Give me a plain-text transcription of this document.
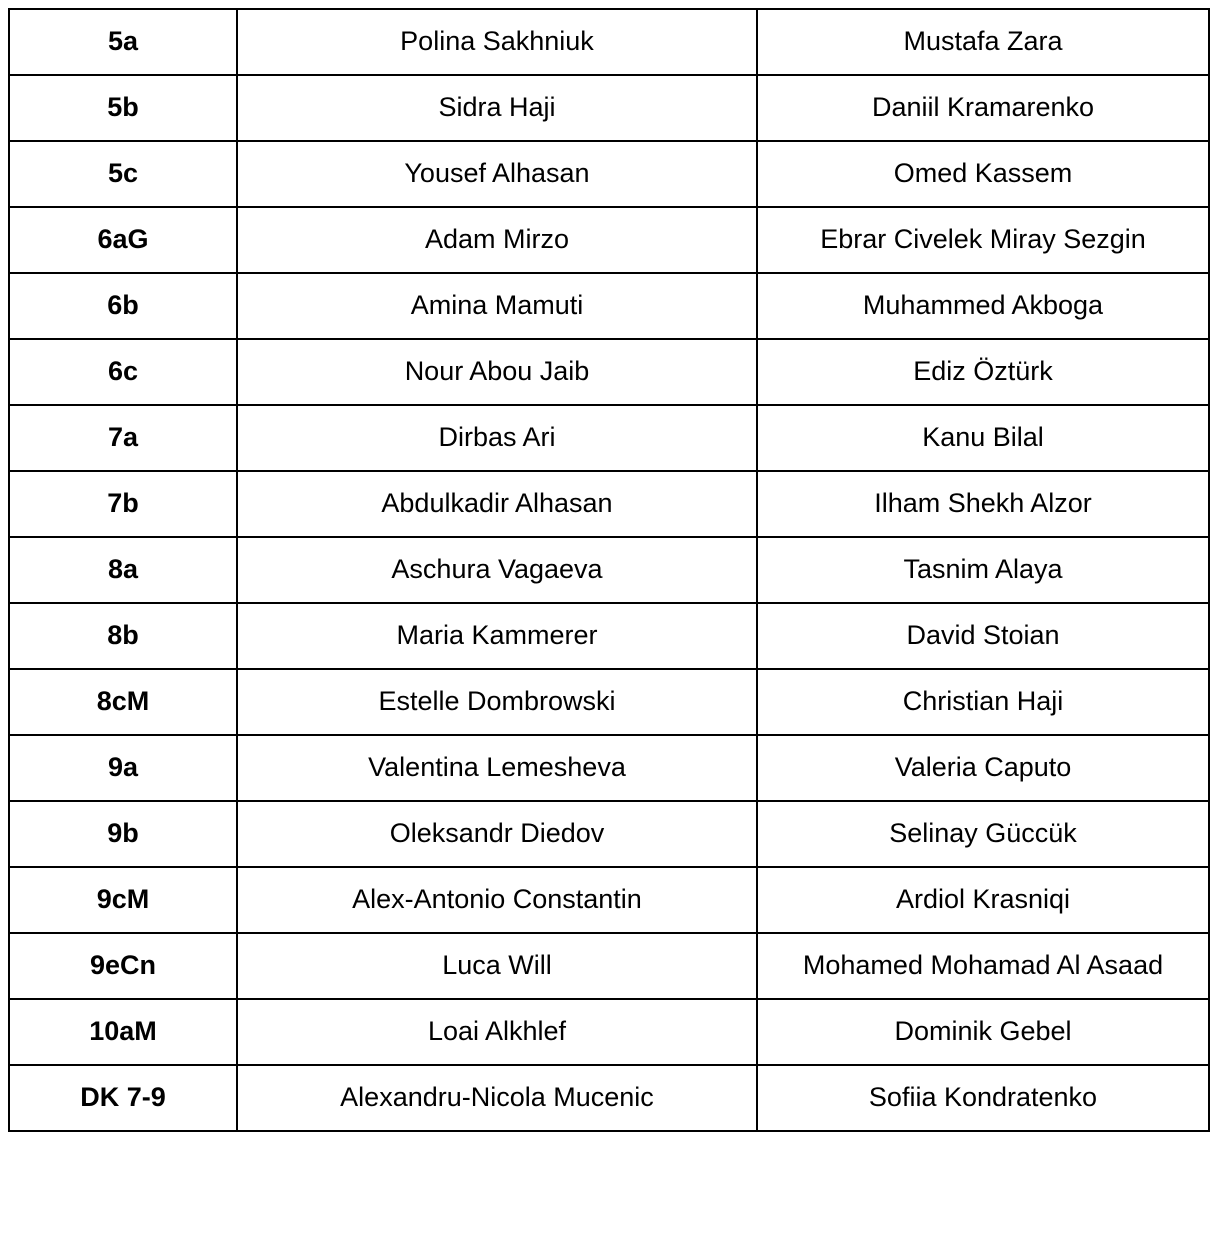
5a	Polina Sakhniuk	Mustafa Zara
5b	Sidra Haji	Daniil Kramarenko
5c	Yousef Alhasan	Omed Kassem
6aG	Adam Mirzo	Ebrar Civelek Miray Sezgin
6b	Amina Mamuti	Muhammed Akboga
6c	Nour Abou Jaib	Ediz Öztürk
7a	Dirbas Ari	Kanu Bilal
7b	Abdulkadir Alhasan	Ilham Shekh Alzor
8a	Aschura Vagaeva	Tasnim Alaya
8b	Maria Kammerer	David Stoian
8cM	Estelle Dombrowski	Christian Haji
9a	Valentina Lemesheva	Valeria Caputo
9b	Oleksandr Diedov	Selinay Güccük
9cM	Alex-Antonio Constantin	Ardiol Krasniqi
9eCn	Luca Will	Mohamed Mohamad Al Asaad
10aM	Loai Alkhlef	Dominik Gebel
DK 7-9	Alexandru-Nicola Mucenic	Sofiia Kondratenko
